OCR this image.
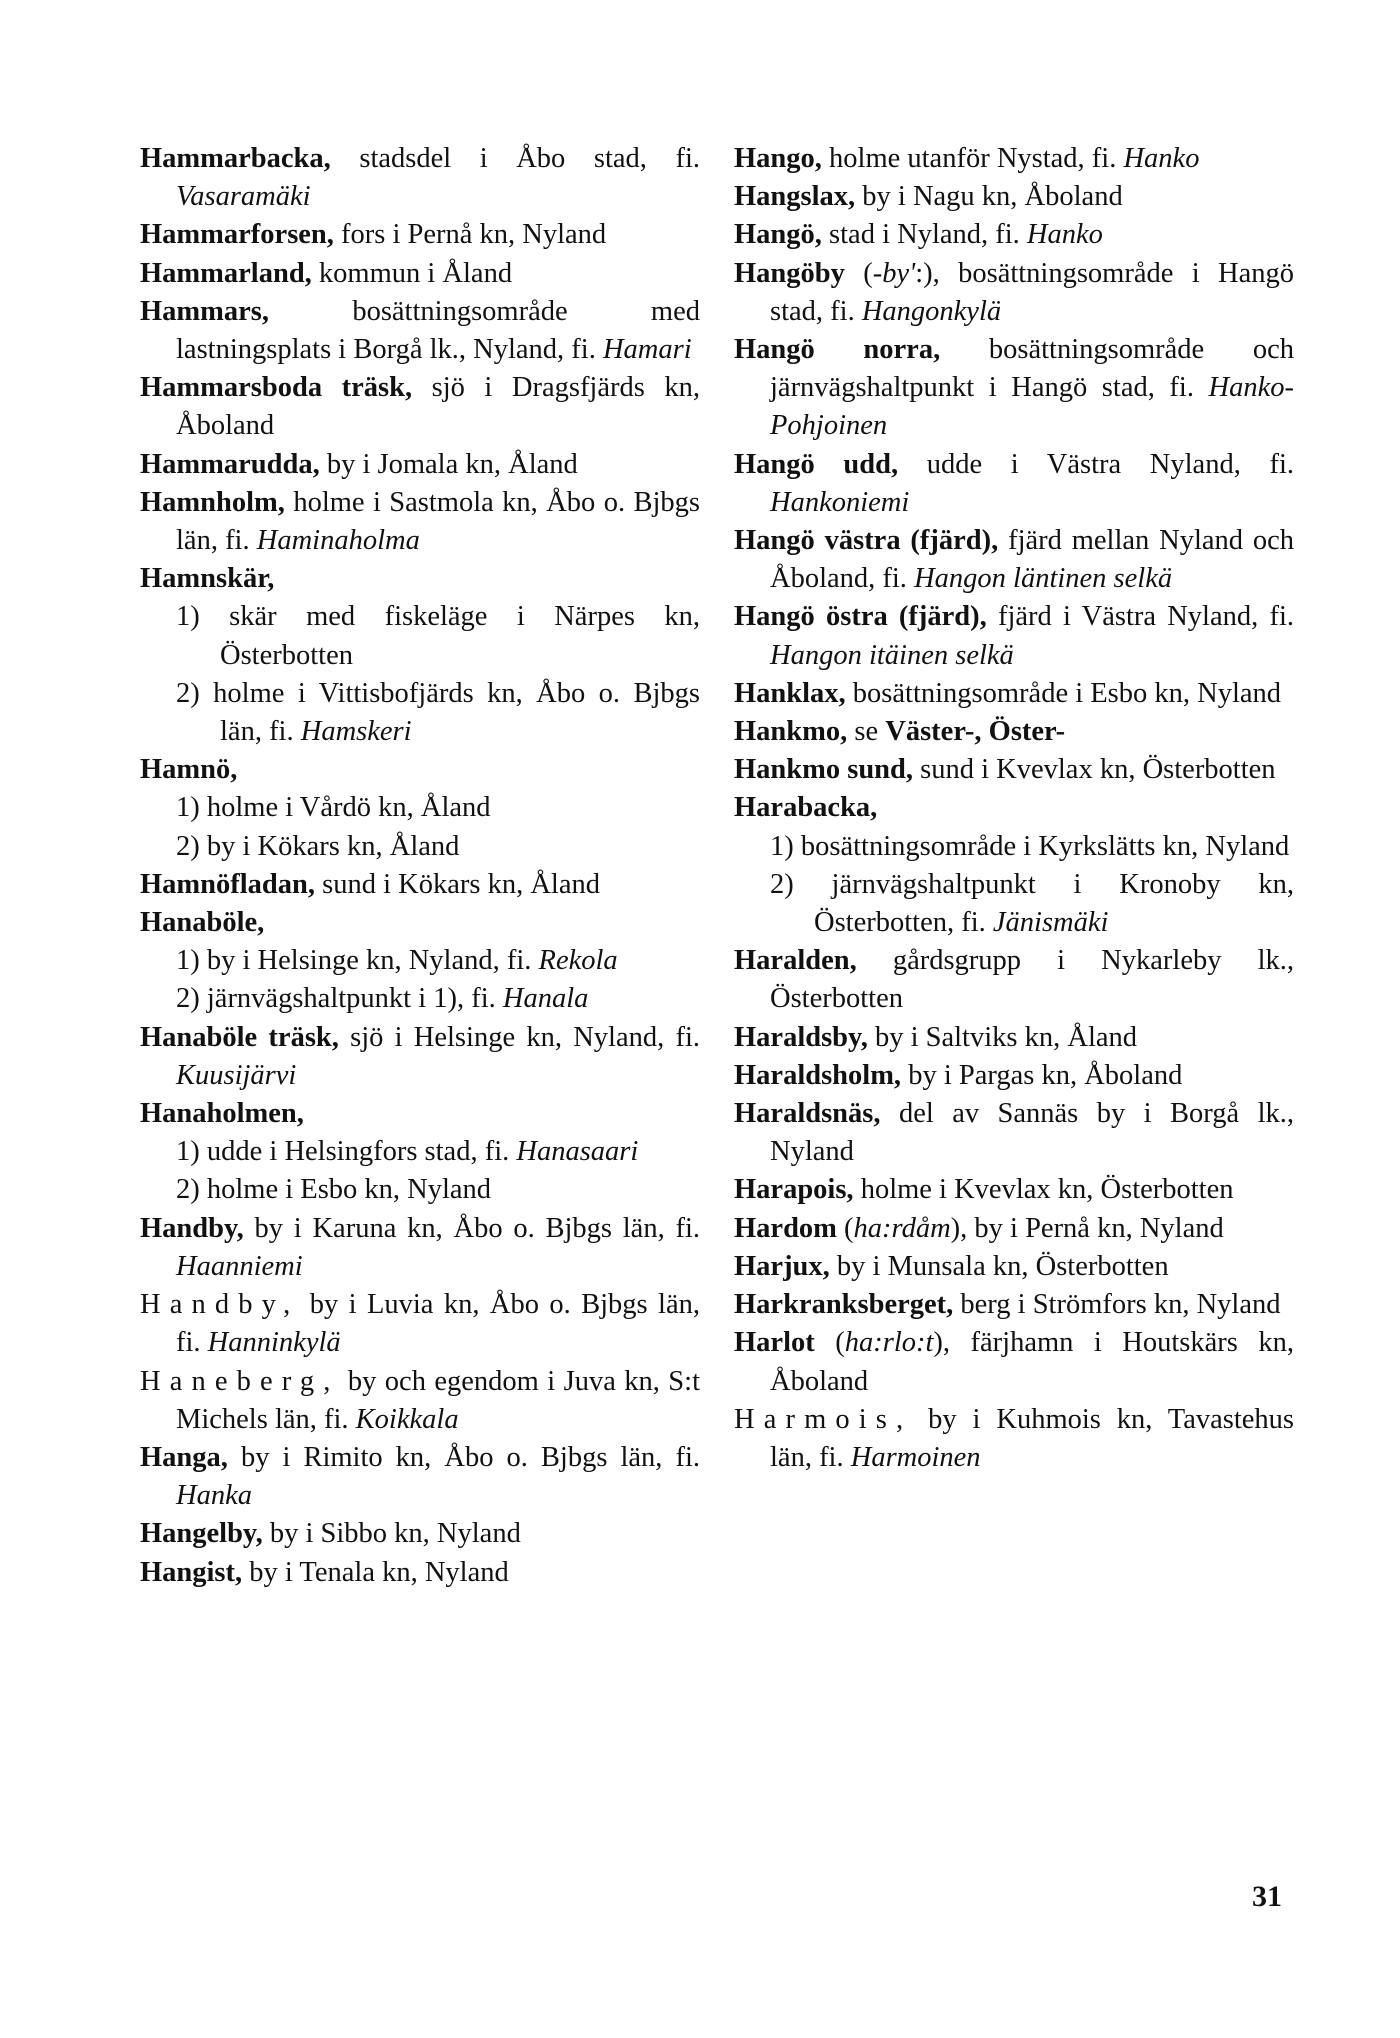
Hammarbacka, stadsdel i Åbo stad, fi. Vasaramäki

Hammarforsen, fors i Pernå kn, Nyland

Hammarland, kommun i Åland

Hammars, bosättningsområde med lastningsplats i Borgå lk., Nyland, fi. Hamari

Hammarsboda träsk, sjö i Dragsfjärds kn, Åboland

Hammarudda, by i Jomala kn, Åland

Hamnholm, holme i Sastmola kn, Åbo o. Bjbgs län, fi. Haminaholma

Hamnskär,

1) skär med fiskeläge i Närpes kn, Österbotten

2) holme i Vittisbofjärds kn, Åbo o. Bjbgs län, fi. Hamskeri

Hamnö,

1) holme i Vårdö kn, Åland

2) by i Kökars kn, Åland

Hamnöfladan, sund i Kökars kn, Åland

Hanaböle,

1) by i Helsinge kn, Nyland, fi. Rekola

2) järnvägshaltpunkt i 1), fi. Hanala

Hanaböle träsk, sjö i Helsinge kn, Nyland, fi. Kuusijärvi

Hanaholmen,

1) udde i Helsingfors stad, fi. Hanasaari

2) holme i Esbo kn, Nyland

Handby, by i Karuna kn, Åbo o. Bjbgs län, fi. Haanniemi

Handby, by i Luvia kn, Åbo o. Bjbgs län, fi. Hanninkylä

Haneberg, by och egendom i Juva kn, S:t Michels län, fi. Koikkala

Hanga, by i Rimito kn, Åbo o. Bjbgs län, fi. Hanka

Hangelby, by i Sibbo kn, Nyland

Hangist, by i Tenala kn, Nyland

Hango, holme utanför Nystad, fi. Hanko

Hangslax, by i Nagu kn, Åboland

Hangö, stad i Nyland, fi. Hanko

Hangöby (-by':), bosättningsområde i Hangö stad, fi. Hangonkylä

Hangö norra, bosättningsområde och järnvägshaltpunkt i Hangö stad, fi. Hanko-Pohjoinen

Hangö udd, udde i Västra Nyland, fi. Hankoniemi

Hangö västra (fjärd), fjärd mellan Nyland och Åboland, fi. Hangon läntinen selkä

Hangö östra (fjärd), fjärd i Västra Nyland, fi. Hangon itäinen selkä

Hanklax, bosättningsområde i Esbo kn, Nyland

Hankmo, se Väster-, Öster-

Hankmo sund, sund i Kvevlax kn, Österbotten

Harabacka,

1) bosättningsområde i Kyrkslätts kn, Nyland

2) järnvägshaltpunkt i Kronoby kn, Österbotten, fi. Jänismäki

Haralden, gårdsgrupp i Nykarleby lk., Österbotten

Haraldsby, by i Saltviks kn, Åland

Haraldsholm, by i Pargas kn, Åboland

Haraldsnäs, del av Sannäs by i Borgå lk., Nyland

Harapois, holme i Kvevlax kn, Österbotten

Hardom (ha:rdåm), by i Pernå kn, Nyland

Harjux, by i Munsala kn, Österbotten

Harkranksberget, berg i Strömfors kn, Nyland

Harlot (ha:rlo:t), färjhamn i Houtskärs kn, Åboland

Harmois, by i Kuhmois kn, Tavastehus län, fi. Harmoinen

31
